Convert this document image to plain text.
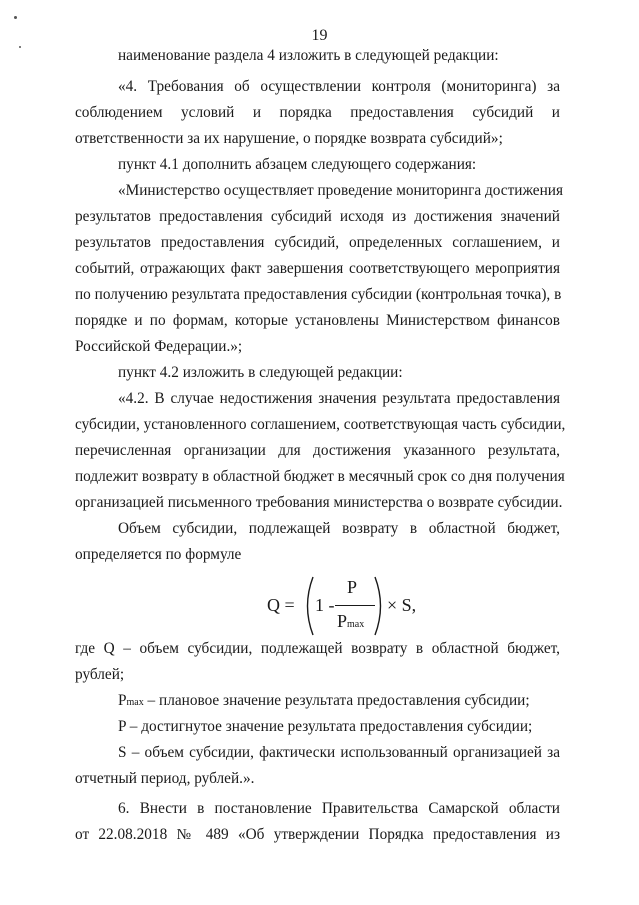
19
наименование раздела 4 изложить в следующей редакции:
«4. Требования об осуществлении контроля (мониторинга) за
соблюдением условий и порядка предоставления субсидий и
ответственности за их нарушение, о порядке возврата субсидий»;
пункт 4.1 дополнить абзацем следующего содержания:
«Министерство осуществляет проведение мониторинга достижения
результатов предоставления субсидий исходя из достижения значений
результатов предоставления субсидий, определенных соглашением, и
событий, отражающих факт завершения соответствующего мероприятия
по получению результата предоставления субсидии (контрольная точка), в
порядке и по формам, которые установлены Министерством финансов
Российской Федерации.»;
пункт 4.2 изложить в следующей редакции:
«4.2. В случае недостижения значения результата предоставления
субсидии, установленного соглашением, соответствующая часть субсидии,
перечисленная организации для достижения указанного результата,
подлежит возврату в областной бюджет в месячный срок со дня получения
организацией письменного требования министерства о возврате субсидии.
Объем субсидии, подлежащей возврату в областной бюджет,
определяется по формуле
Q = 1 -
P
Pmax
× S,
где Q – объем субсидии, подлежащей возврату в областной бюджет,
рублей;
Pmax – плановое значение результата предоставления субсидии;
P – достигнутое значение результата предоставления субсидии;
S – объем субсидии, фактически использованный организацией за
отчетный период, рублей.».
6. Внести в постановление Правительства Самарской области
от 22.08.2018 № 489 «Об утверждении Порядка предоставления из
